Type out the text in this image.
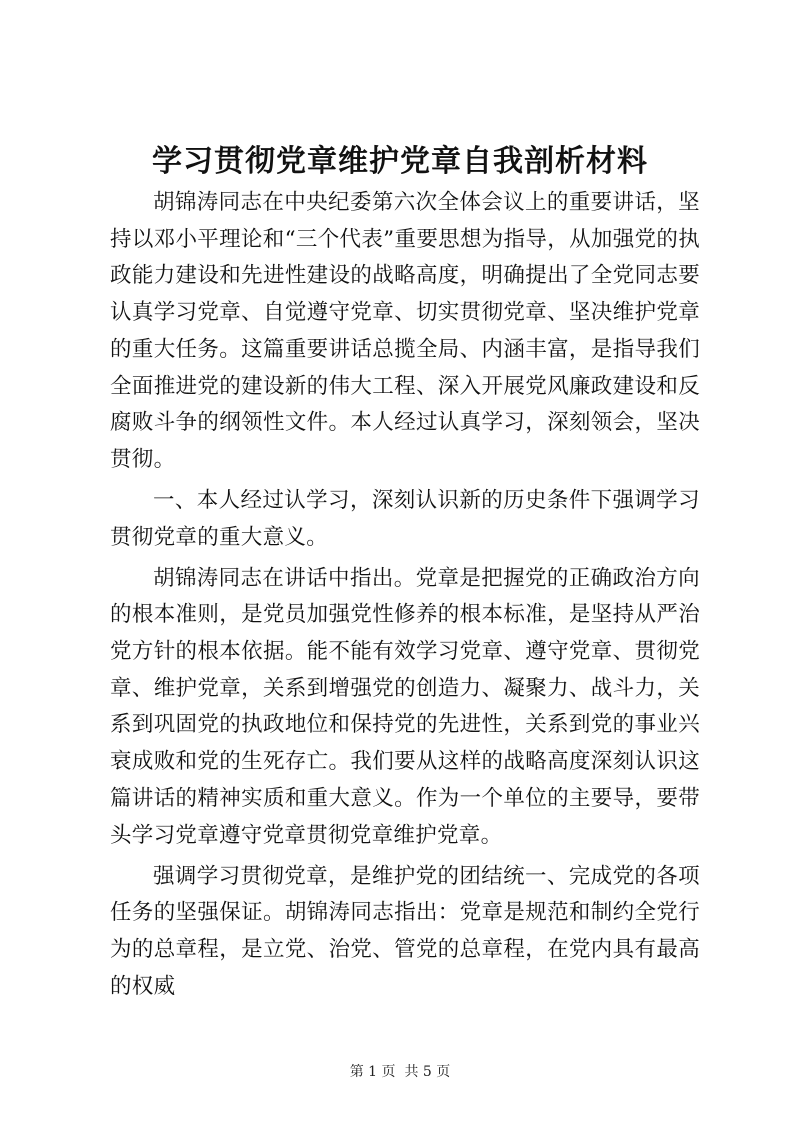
学习贯彻党章维护党章自我剖析材料

胡锦涛同志在中央纪委第六次全体会议上的重要讲话，坚持以邓小平理论和“三个代表”重要思想为指导，从加强党的执政能力建设和先进性建设的战略高度，明确提出了全党同志要认真学习党章、自觉遵守党章、切实贯彻党章、坚决维护党章的重大任务。这篇重要讲话总揽全局、内涵丰富，是指导我们全面推进党的建设新的伟大工程、深入开展党风廉政建设和反腐败斗争的纲领性文件。本人经过认真学习，深刻领会，坚决贯彻。

一、本人经过认学习，深刻认识新的历史条件下强调学习贯彻党章的重大意义。

胡锦涛同志在讲话中指出。党章是把握党的正确政治方向的根本准则，是党员加强党性修养的根本标准，是坚持从严治党方针的根本依据。能不能有效学习党章、遵守党章、贯彻党章、维护党章，关系到增强党的创造力、凝聚力、战斗力，关系到巩固党的执政地位和保持党的先进性，关系到党的事业兴衰成败和党的生死存亡。我们要从这样的战略高度深刻认识这篇讲话的精神实质和重大意义。作为一个单位的主要导，要带头学习党章遵守党章贯彻党章维护党章。

强调学习贯彻党章，是维护党的团结统一、完成党的各项任务的坚强保证。胡锦涛同志指出：党章是规范和制约全党行为的总章程，是立党、治党、管党的总章程，在党内具有最高的权威

第 1 页  共 5 页
